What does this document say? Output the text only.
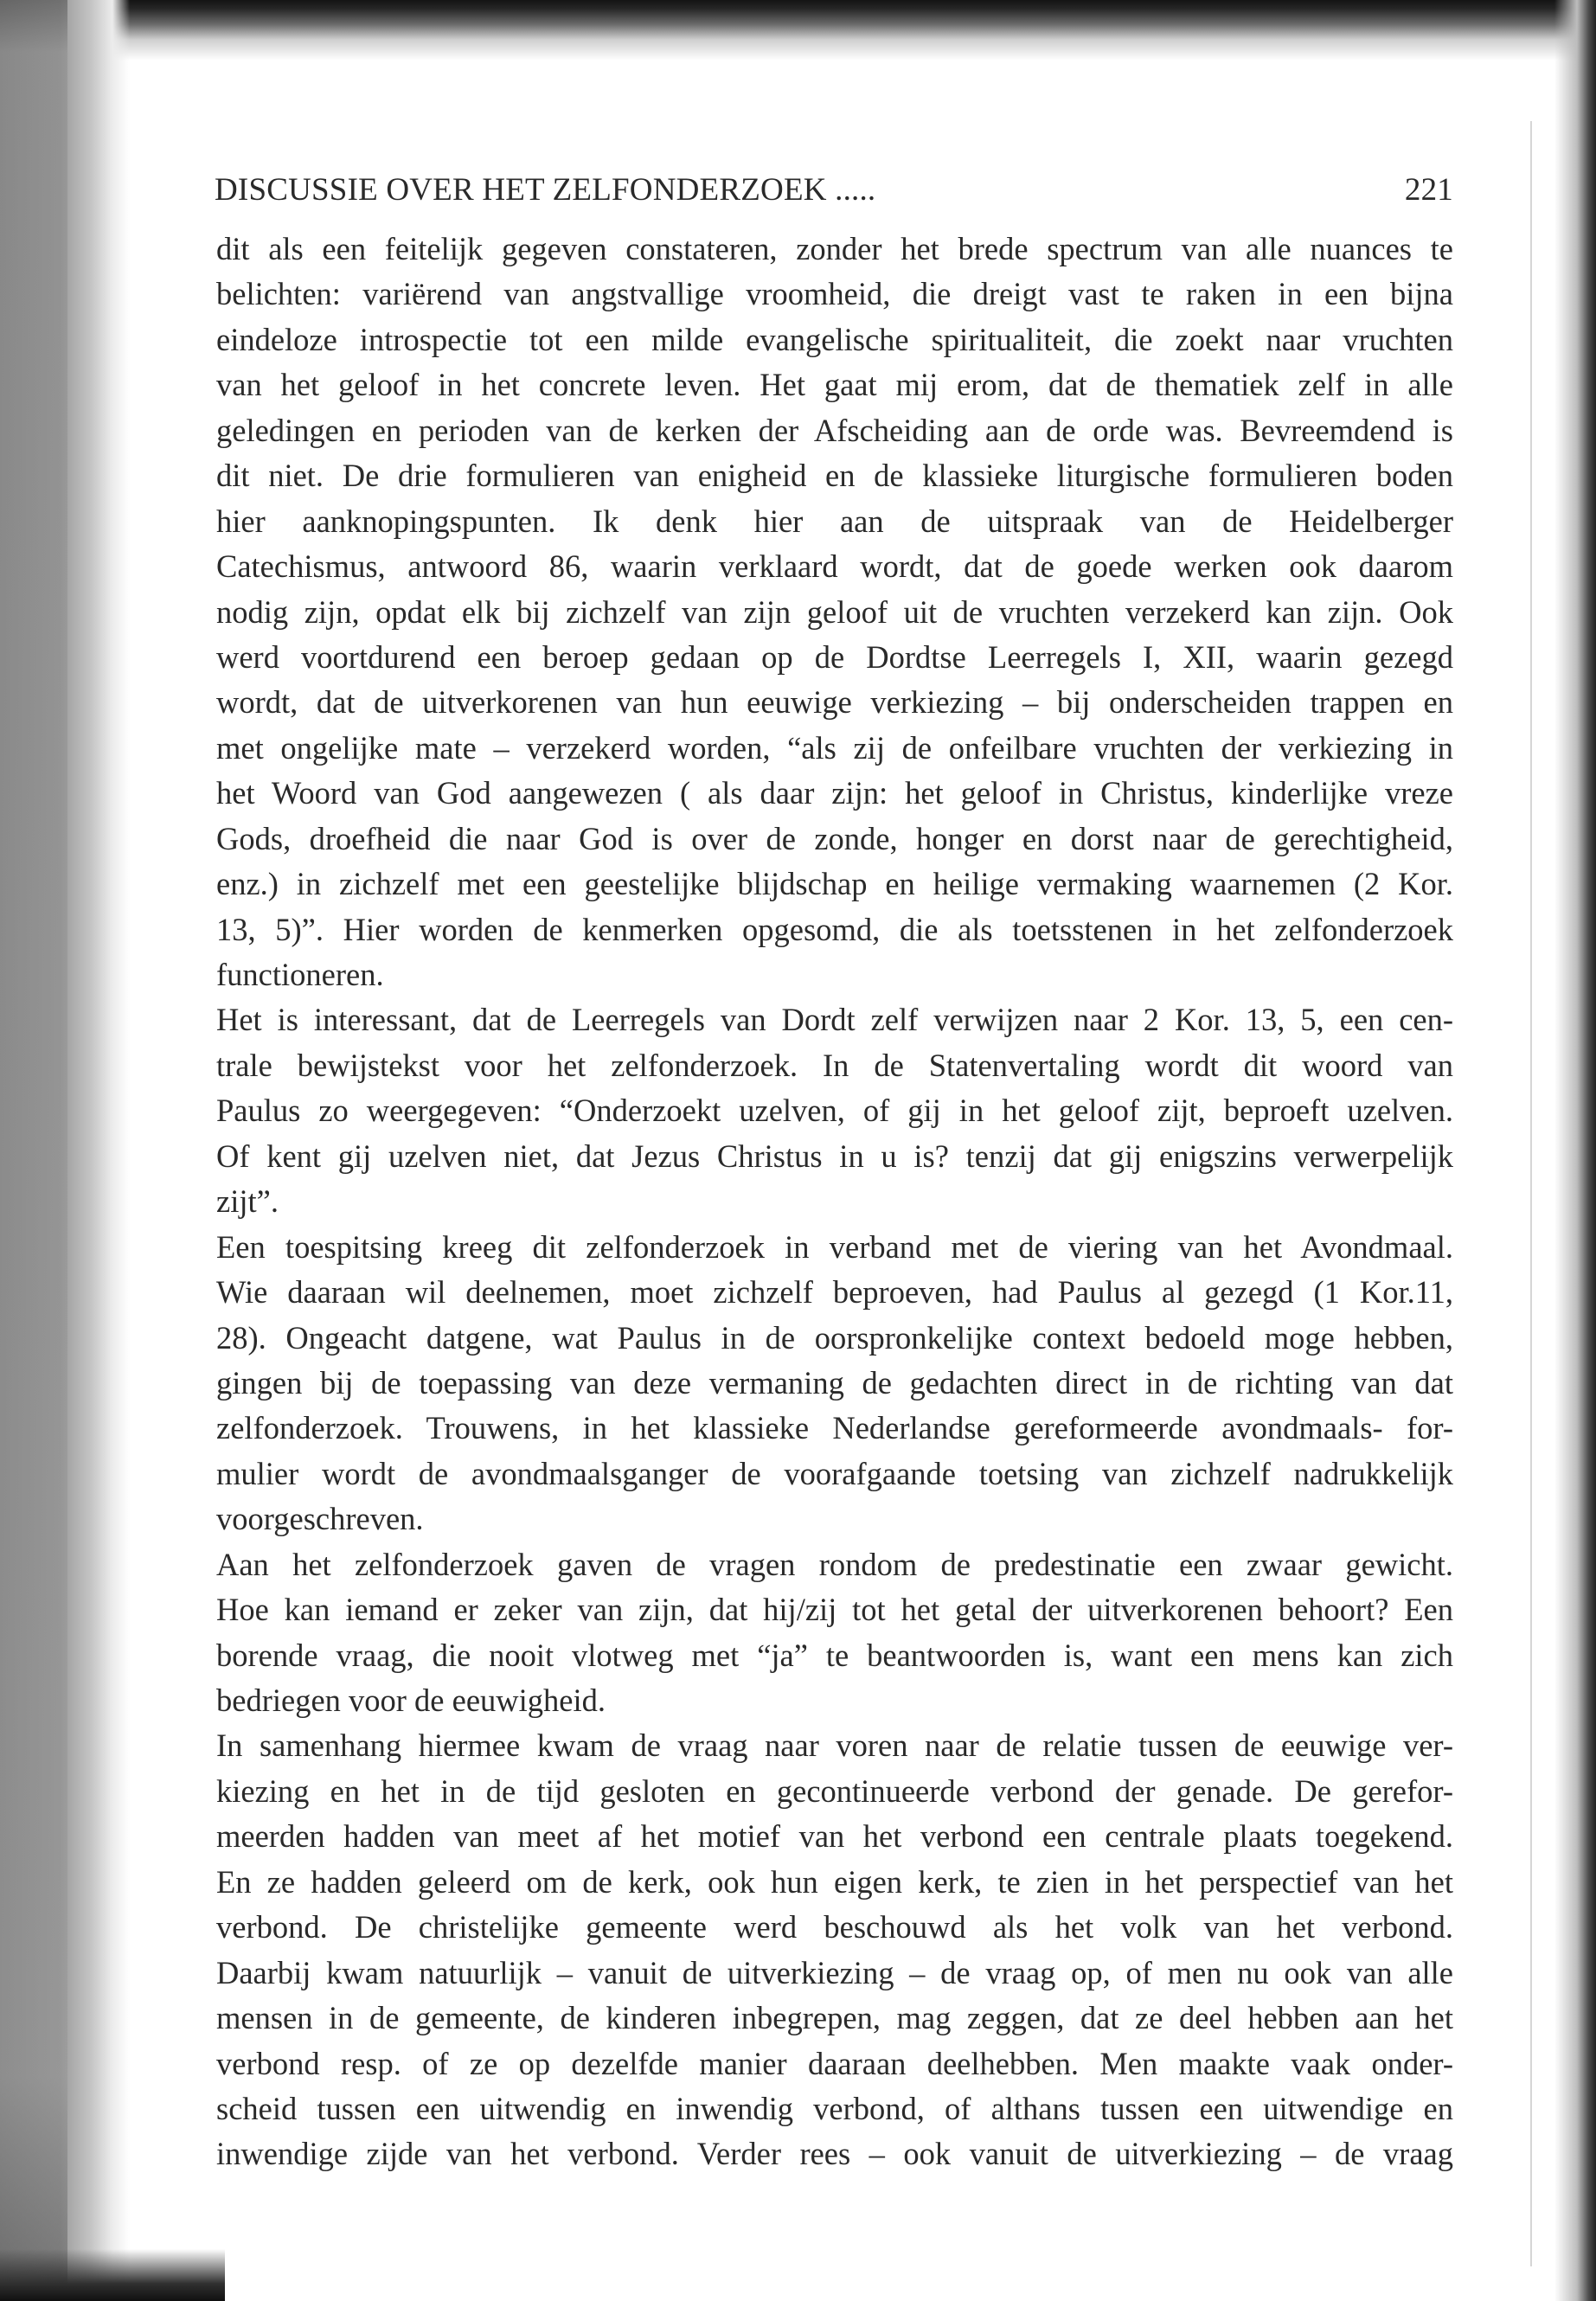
DISCUSSIE OVER HET ZELFONDERZOEK .....	221
dit als een feitelijk gegeven constateren, zonder het brede spectrum van alle nuances te
belichten: variërend van angstvallige vroomheid, die dreigt vast te raken in een bijna
eindeloze introspectie tot een milde evangelische spiritualiteit, die zoekt naar vruchten
van het geloof in het concrete leven. Het gaat mij erom, dat de thematiek zelf in alle
geledingen en perioden van de kerken der Afscheiding aan de orde was. Bevreemdend is
dit niet. De drie formulieren van enigheid en de klassieke liturgische formulieren boden
hier aanknopingspunten. Ik denk hier aan de uitspraak van de Heidelberger
Catechismus, antwoord 86, waarin verklaard wordt, dat de goede werken ook daarom
nodig zijn, opdat elk bij zichzelf van zijn geloof uit de vruchten verzekerd kan zijn. Ook
werd voortdurend een beroep gedaan op de Dordtse Leerregels I, XII, waarin gezegd
wordt, dat de uitverkorenen van hun eeuwige verkiezing – bij onderscheiden trappen en
met ongelijke mate – verzekerd worden, “als zij de onfeilbare vruchten der verkiezing in
het Woord van God aangewezen ( als daar zijn: het geloof in Christus, kinderlijke vreze
Gods, droefheid die naar God is over de zonde, honger en dorst naar de gerechtigheid,
enz.) in zichzelf met een geestelijke blijdschap en heilige vermaking waarnemen (2 Kor.
13, 5)”. Hier worden de kenmerken opgesomd, die als toetsstenen in het zelfonderzoek
functioneren.
Het is interessant, dat de Leerregels van Dordt zelf verwijzen naar 2 Kor. 13, 5, een cen-
trale bewijstekst voor het zelfonderzoek. In de Statenvertaling wordt dit woord van
Paulus zo weergegeven: “Onderzoekt uzelven, of gij in het geloof zijt, beproeft uzelven.
Of kent gij uzelven niet, dat Jezus Christus in u is? tenzij dat gij enigszins verwerpelijk
zijt”.
Een toespitsing kreeg dit zelfonderzoek in verband met de viering van het Avondmaal.
Wie daaraan wil deelnemen, moet zichzelf beproeven, had Paulus al gezegd (1 Kor.11,
28). Ongeacht datgene, wat Paulus in de oorspronkelijke context bedoeld moge hebben,
gingen bij de toepassing van deze vermaning de gedachten direct in de richting van dat
zelfonderzoek. Trouwens, in het klassieke Nederlandse gereformeerde avondmaals- for-
mulier wordt de avondmaalsganger de voorafgaande toetsing van zichzelf nadrukkelijk
voorgeschreven.
Aan het zelfonderzoek gaven de vragen rondom de predestinatie een zwaar gewicht.
Hoe kan iemand er zeker van zijn, dat hij/zij tot het getal der uitverkorenen behoort? Een
borende vraag, die nooit vlotweg met “ja” te beantwoorden is, want een mens kan zich
bedriegen voor de eeuwigheid.
In samenhang hiermee kwam de vraag naar voren naar de relatie tussen de eeuwige ver-
kiezing en het in de tijd gesloten en gecontinueerde verbond der genade. De gerefor-
meerden hadden van meet af het motief van het verbond een centrale plaats toegekend.
En ze hadden geleerd om de kerk, ook hun eigen kerk, te zien in het perspectief van het
verbond. De christelijke gemeente werd beschouwd als het volk van het verbond.
Daarbij kwam natuurlijk – vanuit de uitverkiezing – de vraag op, of men nu ook van alle
mensen in de gemeente, de kinderen inbegrepen, mag zeggen, dat ze deel hebben aan het
verbond resp. of ze op dezelfde manier daaraan deelhebben. Men maakte vaak onder-
scheid tussen een uitwendig en inwendig verbond, of althans tussen een uitwendige en
inwendige zijde van het verbond. Verder rees – ook vanuit de uitverkiezing – de vraag
